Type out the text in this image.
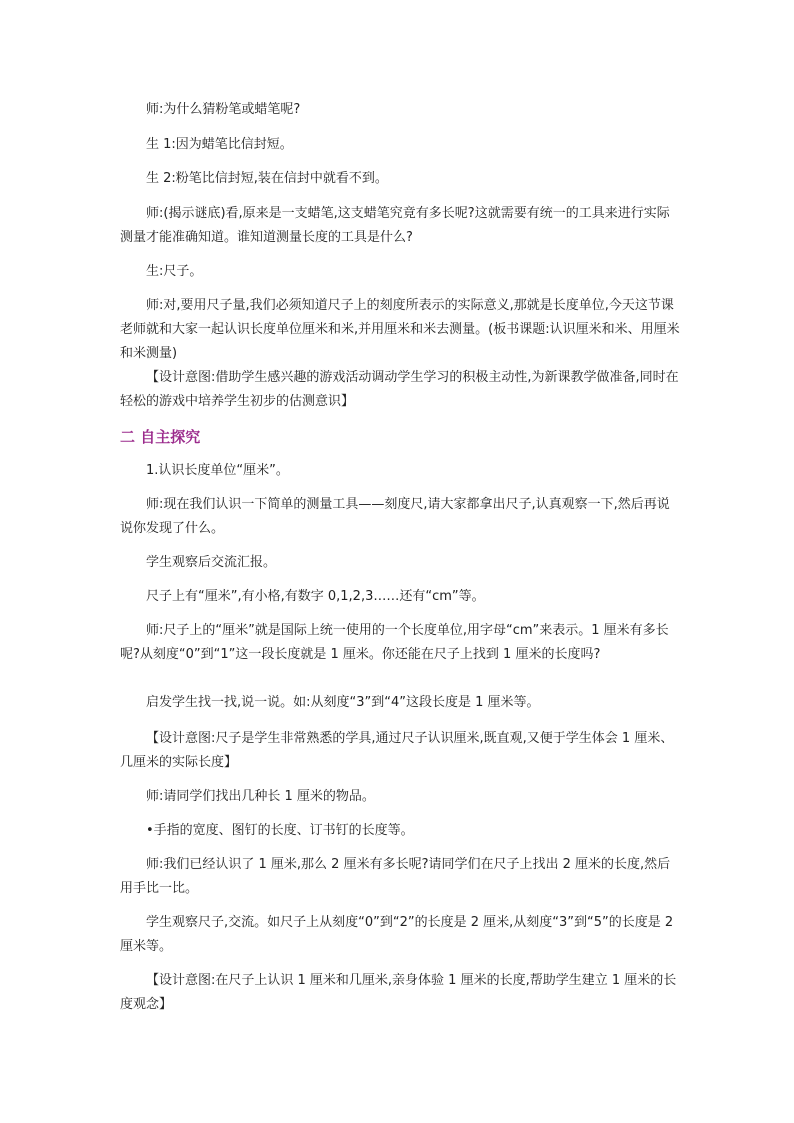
师:为什么猜粉笔或蜡笔呢?

生 1:因为蜡笔比信封短。

生 2:粉笔比信封短,装在信封中就看不到。

师:(揭示谜底)看,原来是一支蜡笔,这支蜡笔究竟有多长呢?这就需要有统一的工具来进行实际测量才能准确知道。谁知道测量长度的工具是什么?

生:尺子。

师:对,要用尺子量,我们必须知道尺子上的刻度所表示的实际意义,那就是长度单位,今天这节课老师就和大家一起认识长度单位厘米和米,并用厘米和米去测量。(板书课题:认识厘米和米、用厘米和米测量)

【设计意图:借助学生感兴趣的游戏活动调动学生学习的积极主动性,为新课教学做准备,同时在轻松的游戏中培养学生初步的估测意识】

二 自主探究

1.认识长度单位“厘米”。

师:现在我们认识一下简单的测量工具——刻度尺,请大家都拿出尺子,认真观察一下,然后再说说你发现了什么。

学生观察后交流汇报。

尺子上有“厘米”,有小格,有数字 0,1,2,3……还有“cm”等。

师:尺子上的“厘米”就是国际上统一使用的一个长度单位,用字母“cm”来表示。1 厘米有多长呢?从刻度“0”到“1”这一段长度就是 1 厘米。你还能在尺子上找到 1 厘米的长度吗?

启发学生找一找,说一说。如:从刻度“3”到“4”这段长度是 1 厘米等。

【设计意图:尺子是学生非常熟悉的学具,通过尺子认识厘米,既直观,又便于学生体会 1 厘米、几厘米的实际长度】

师:请同学们找出几种长 1 厘米的物品。

•手指的宽度、图钉的长度、订书钉的长度等。

师:我们已经认识了 1 厘米,那么 2 厘米有多长呢?请同学们在尺子上找出 2 厘米的长度,然后用手比一比。

学生观察尺子,交流。如尺子上从刻度“0”到“2”的长度是 2 厘米,从刻度“3”到“5”的长度是 2 厘米等。

【设计意图:在尺子上认识 1 厘米和几厘米,亲身体验 1 厘米的长度,帮助学生建立 1 厘米的长度观念】
